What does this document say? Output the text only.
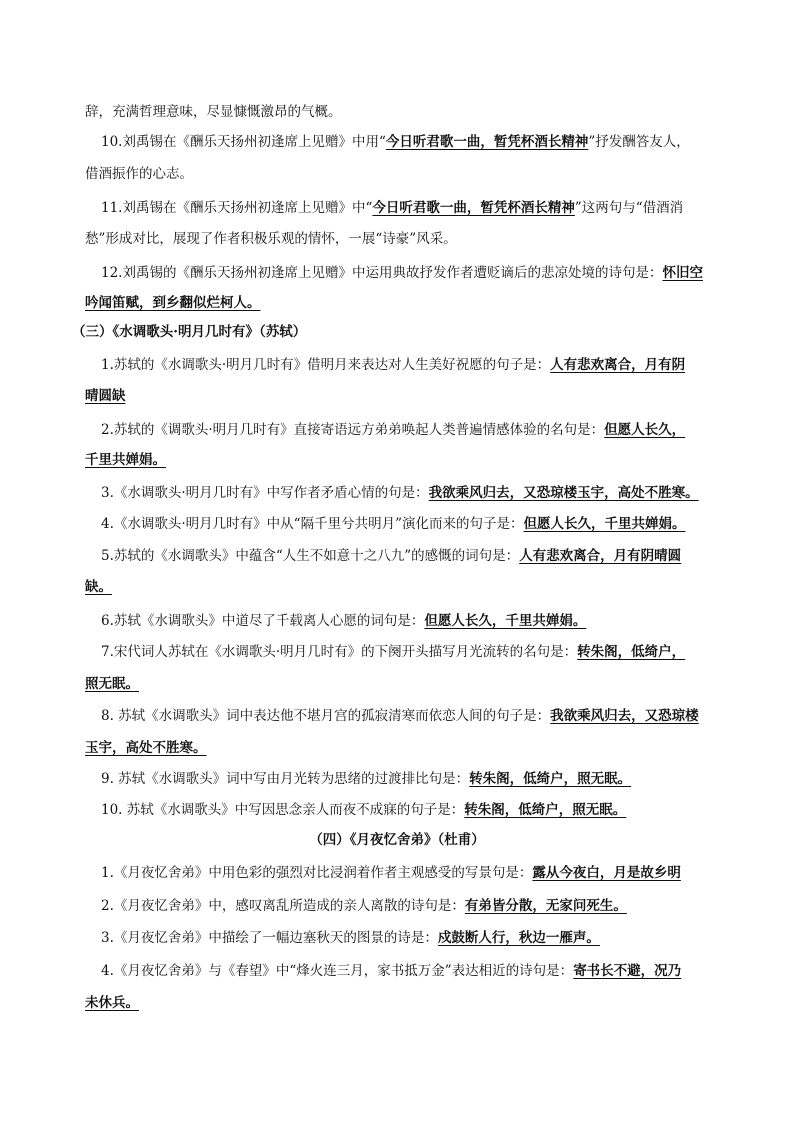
辞，充满哲理意味，尽显慷慨激昂的气概。
10.刘禹锡在《酬乐天扬州初逢席上见赠》中用“今日听君歌一曲，暂凭杯酒长精神”抒发酬答友人，
借酒振作的心志。
11.刘禹锡在《酬乐天扬州初逢席上见赠》中“今日听君歌一曲，暂凭杯酒长精神”这两句与“借酒消
愁”形成对比，展现了作者积极乐观的情怀，一展“诗豪”风采。
12.刘禹锡的《酬乐天扬州初逢席上见赠》中运用典故抒发作者遭贬谪后的悲凉处境的诗句是：怀旧空
吟闻笛赋，到乡翻似烂柯人。
（三）《水调歌头·明月几时有》（苏轼）
1.苏轼的《水调歌头·明月几时有》借明月来表达对人生美好祝愿的句子是：人有悲欢离合，月有阴
晴圆缺
2.苏轼的《调歌头·明月几时有》直接寄语远方弟弟唤起人类普遍情感体验的名句是：但愿人长久，
千里共婵娟。
3.《水调歌头·明月几时有》中写作者矛盾心情的句是：我欲乘风归去，又恐琼楼玉宇，高处不胜寒。
4.《水调歌头·明月几时有》中从“隔千里兮共明月”演化而来的句子是：但愿人长久，千里共婵娟。
5.苏轼的《水调歌头》中蕴含“人生不如意十之八九”的感慨的词句是：人有悲欢离合，月有阴晴圆
缺。
6.苏轼《水调歌头》中道尽了千载离人心愿的词句是：但愿人长久，千里共婵娟。
7.宋代词人苏轼在《水调歌头·明月几时有》的下阕开头描写月光流转的名句是：转朱阁，低绮户，
照无眠。
8. 苏轼《水调歌头》词中表达他不堪月宫的孤寂清寒而依恋人间的句子是：我欲乘风归去，又恐琼楼
玉宇，高处不胜寒。
9. 苏轼《水调歌头》词中写由月光转为思绪的过渡排比句是：转朱阁，低绮户，照无眠。
10. 苏轼《水调歌头》中写因思念亲人而夜不成寐的句子是：转朱阁，低绮户，照无眠。
（四）《月夜忆舍弟》（杜甫）
1.《月夜忆舍弟》中用色彩的强烈对比浸润着作者主观感受的写景句是：露从今夜白，月是故乡明
2.《月夜忆舍弟》中，感叹离乱所造成的亲人离散的诗句是：有弟皆分散，无家问死生。
3.《月夜忆舍弟》中描绘了一幅边塞秋天的图景的诗是：戍鼓断人行，秋边一雁声。
4.《月夜忆舍弟》与《春望》中“烽火连三月，家书抵万金”表达相近的诗句是：寄书长不避，况乃
未休兵。
